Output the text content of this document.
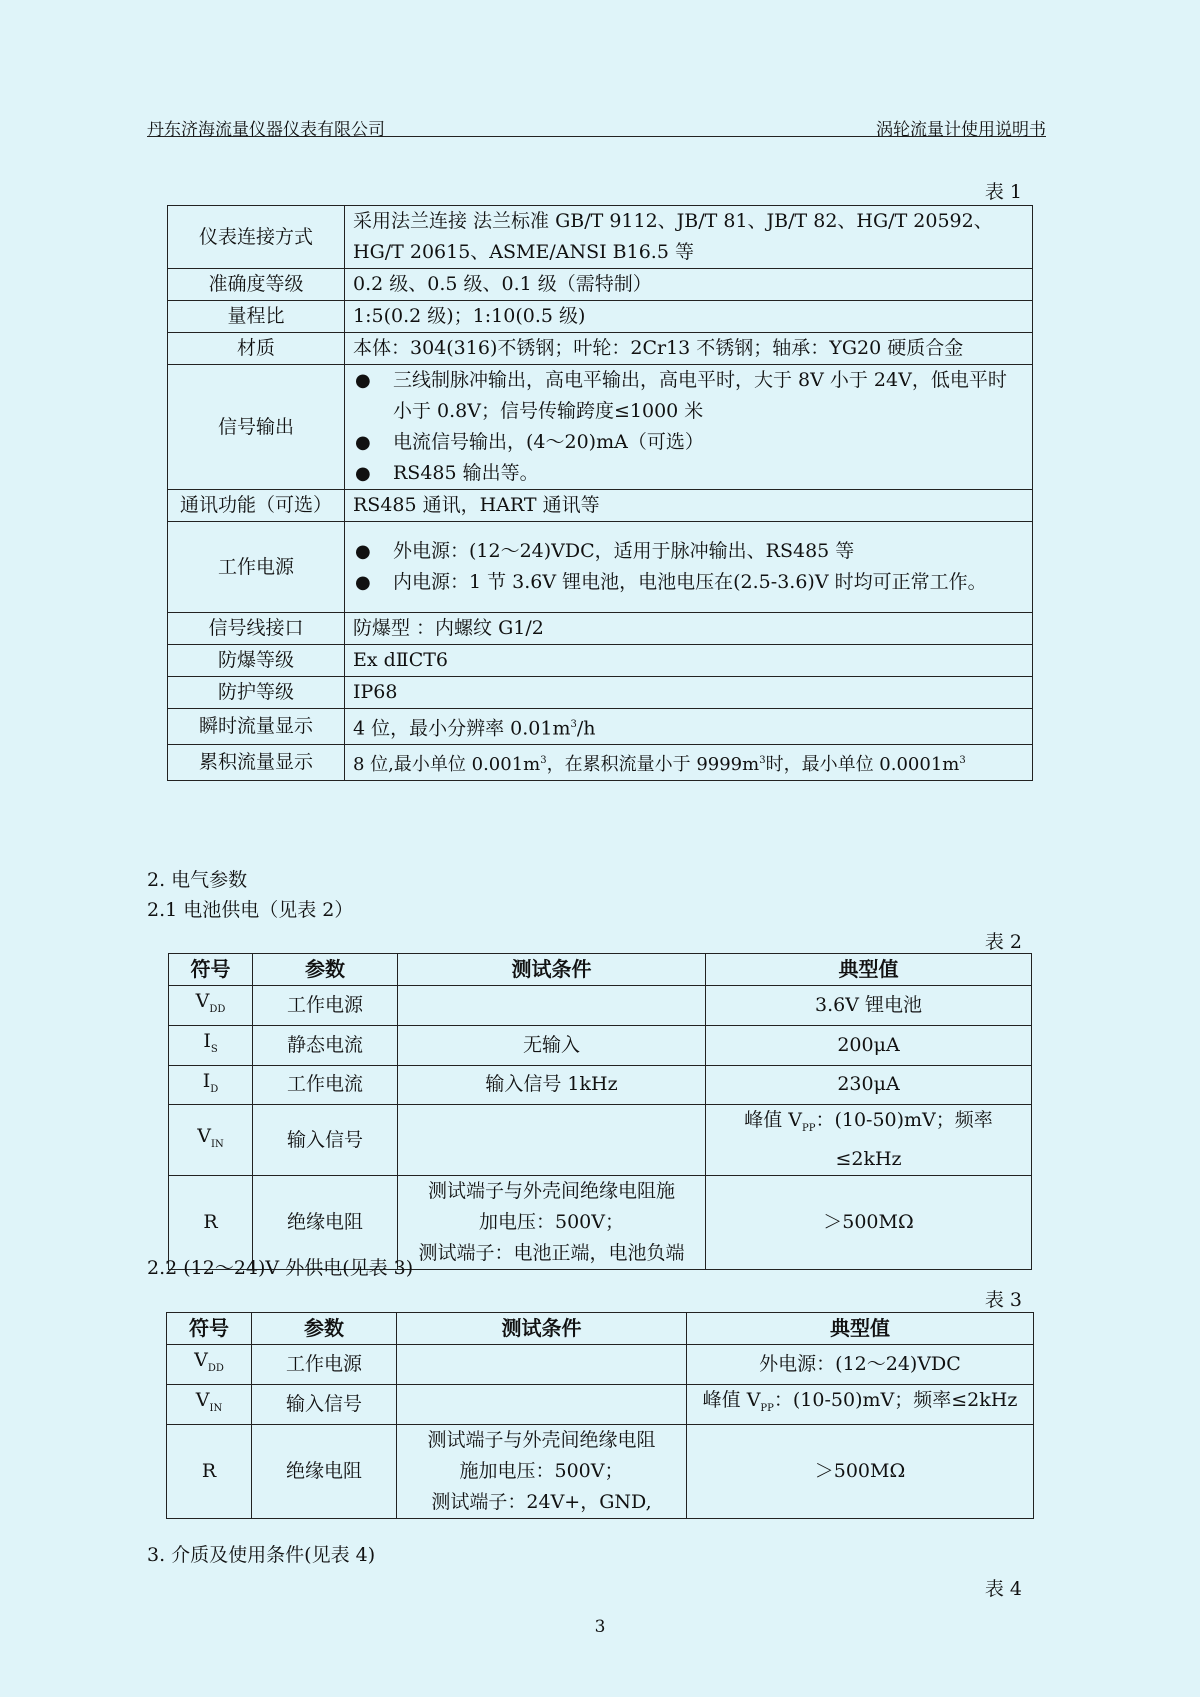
丹东济海流量仪器仪表有限公司	涡轮流量计使用说明书
表 1
仪表连接方式	采用法兰连接 法兰标准 GB/T 9112、JB/T 81、JB/T 82、HG/T 20592、
HG/T 20615、ASME/ANSI B16.5 等

准确度等级	0.2 级、0.5 级、0.1 级（需特制）
量程比	1:5(0.2 级)；1:10(0.5 级)
材质	本体：304(316)不锈钢；叶轮：2Cr13 不锈钢；轴承：YG20 硬质合金
信号输出	● 三线制脉冲输出，高电平输出，高电平时，大于 8V 小于 24V，低电平时小于 0.8V；信号传输跨度≤1000 米
● 电流信号输出，(4～20)mA（可选）
● RS485 输出等。

通讯功能（可选）	RS485 通讯，HART 通讯等
工作电源	● 外电源：(12～24)VDC，适用于脉冲输出、RS485 等
● 内电源：1 节 3.6V 锂电池，电池电压在(2.5-3.6)V 时均可正常工作。

信号线接口	防爆型 ：内螺纹 G1/2
防爆等级	Ex dⅡCT6
防护等级	IP68
瞬时流量显示	4 位，最小分辨率 $0.01m^3/h$
累积流量显示	8 位,最小单位 $0.001m^3$，在累积流量小于 $9999m^3$时，最小单位 $0.0001m^3$
2. 电气参数
2.1 电池供电（见表 2）
表 2
符号	参数	测试条件	典型值
$V_{DD}$	工作电源		3.6V 锂电池
$I_S$	静态电流	无输入	200μA
$I_D$	工作电流	输入信号 1kHz	230μA
$V_{IN}$	输入信号		峰值 $V_{PP}$：(10-50)mV；频率≤2kHz
R	绝缘电阻	测试端子与外壳间绝缘电阻施
加电压：500V；
测试端子：电池正端，电池负端	＞500MΩ
2.2 (12～24)V 外供电(见表 3)
表 3
符号	参数	测试条件	典型值
$V_{DD}$	工作电源		外电源：(12～24)VDC
$V_{IN}$	输入信号		峰值 $V_{PP}$：(10-50)mV；频率≤2kHz
R	绝缘电阻	测试端子与外壳间绝缘电阻
施加电压：500V；
测试端子：24V+，GND,	＞500MΩ
3. 介质及使用条件(见表 4)
表 4
3
